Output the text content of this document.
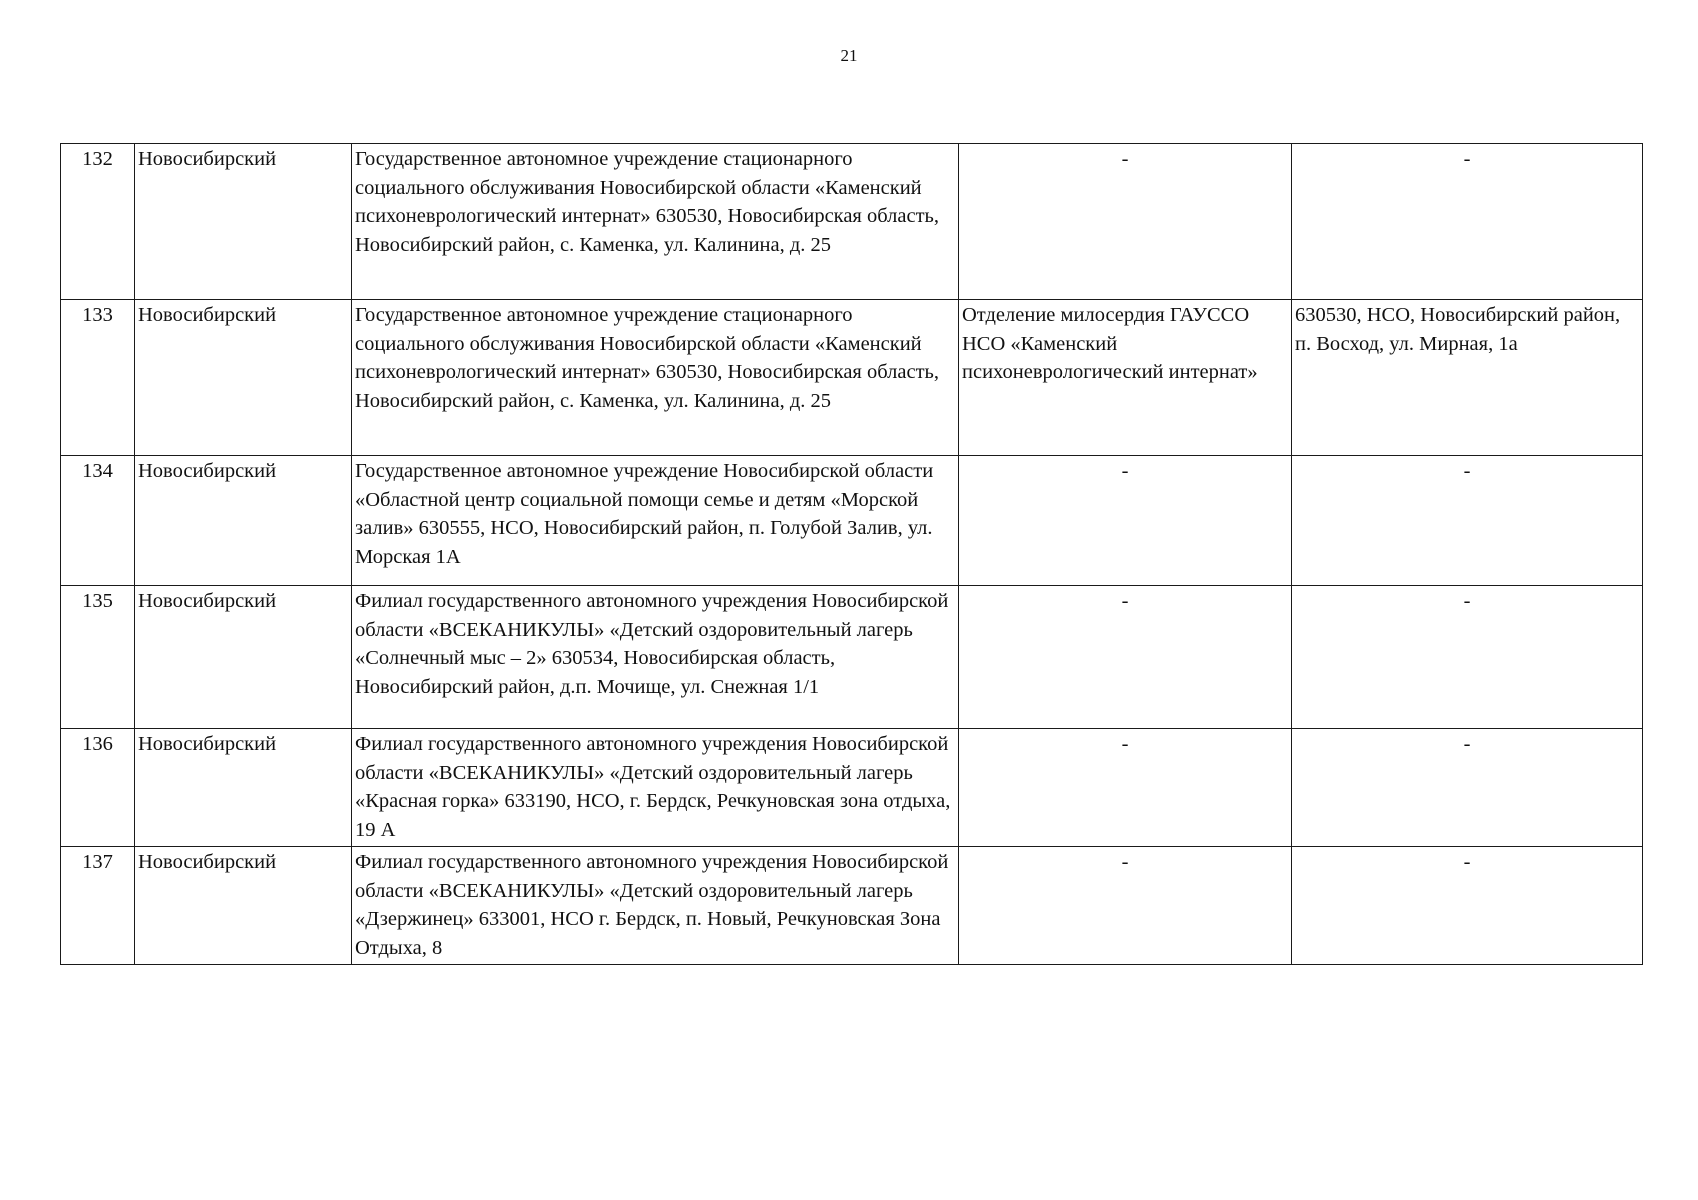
21
132	Новосибирский	Государственное автономное учреждение стационарного социального обслуживания Новосибирской области «Каменский психоневрологический интернат» 630530, Новосибирская область, Новосибирский район, с. Каменка, ул. Калинина, д. 25	-	-
133	Новосибирский	Государственное автономное учреждение стационарного социального обслуживания Новосибирской области «Каменский психоневрологический интернат» 630530, Новосибирская область, Новосибирский район, с. Каменка, ул. Калинина, д. 25	Отделение милосердия ГАУССО НСО «Каменский психоневрологический интернат»	630530, НСО, Новосибирский район, п. Восход, ул. Мирная, 1а
134	Новосибирский	Государственное автономное учреждение Новосибирской области «Областной центр социальной помощи семье и детям «Морской залив» 630555, НСО, Новосибирский район, п. Голубой Залив, ул. Морская 1А	-	-
135	Новосибирский	Филиал государственного автономного учреждения Новосибирской области «ВСЕКАНИКУЛЫ» «Детский оздоровительный лагерь «Солнечный мыс – 2» 630534, Новосибирская область, Новосибирский район, д.п. Мочище, ул. Снежная 1/1	-	-
136	Новосибирский	Филиал государственного автономного учреждения Новосибирской области «ВСЕКАНИКУЛЫ» «Детский оздоровительный лагерь «Красная горка» 633190, НСО, г. Бердск, Речкуновская зона отдыха, 19 А	-	-
137	Новосибирский	Филиал государственного автономного учреждения Новосибирской области «ВСЕКАНИКУЛЫ» «Детский оздоровительный лагерь «Дзержинец» 633001, НСО г. Бердск, п. Новый, Речкуновская Зона Отдыха, 8	-	-
